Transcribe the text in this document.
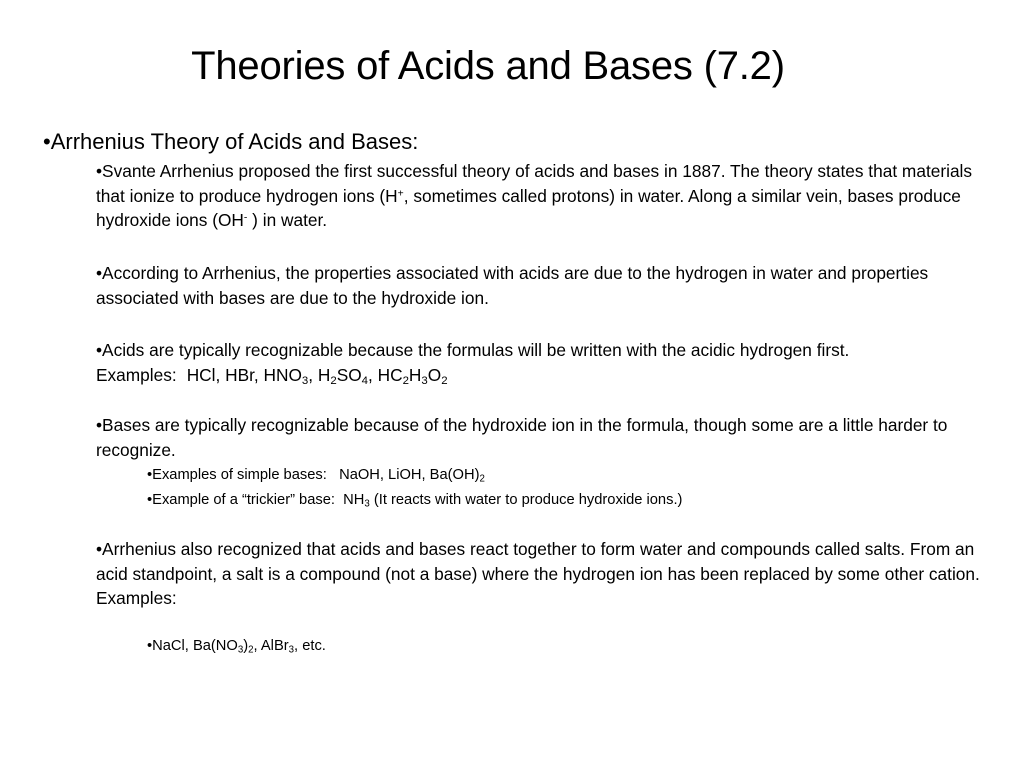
Theories of Acids and Bases (7.2)

•Arrhenius Theory of Acids and Bases:

•Svante Arrhenius proposed the first successful theory of acids and bases in 1887. The theory states that materials that ionize to produce hydrogen ions (H+, sometimes called protons) in water. Along a similar vein, bases produce hydroxide ions (OH- ) in water.

•According to Arrhenius, the properties associated with acids are due to the hydrogen in water and properties associated with bases are due to the hydroxide ion.

•Acids are typically recognizable because the formulas will be written with the acidic hydrogen first.
Examples: HCl, HBr, $HNO_3$, $H_2SO_4$, $HC_2H_3O_2$

•Bases are typically recognizable because of the hydroxide ion in the formula, though some are a little harder to recognize.

•Examples of simple bases: NaOH, LiOH, $Ba(OH)_2$

•Example of a “trickier” base: $NH_3$ (It reacts with water to produce hydroxide ions.)

•Arrhenius also recognized that acids and bases react together to form water and compounds called salts. From an acid standpoint, a salt is a compound (not a base) where the hydrogen ion has been replaced by some other cation. Examples:

•NaCl, $Ba(NO_3)_2$, AlBr$_3$, etc.
